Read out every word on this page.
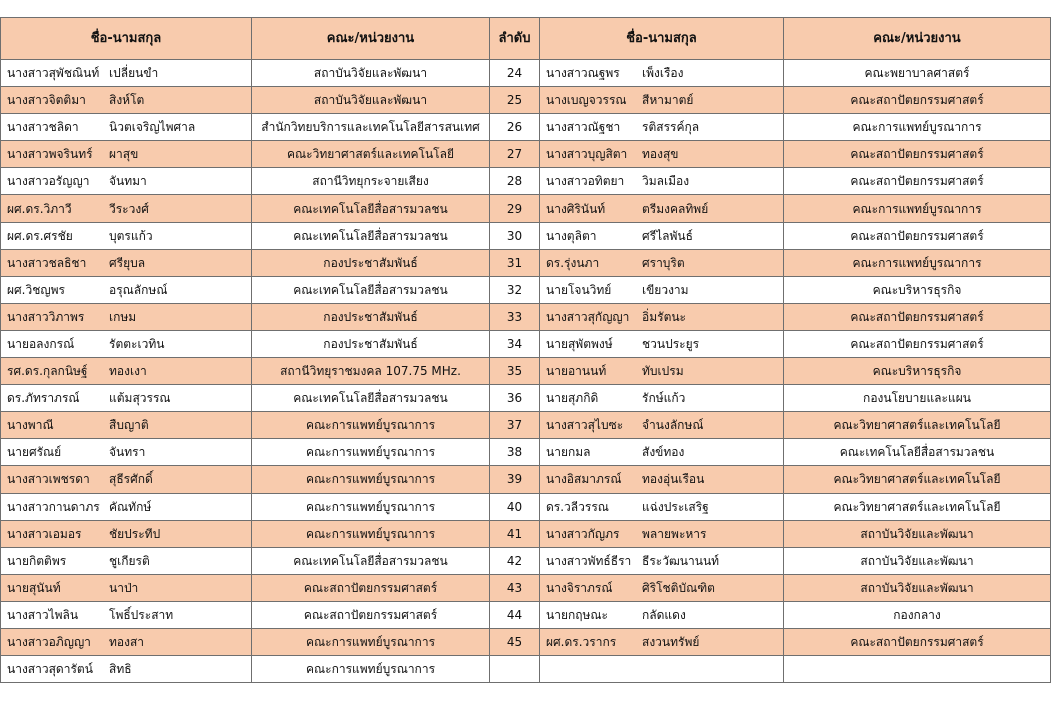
ชื่อ-นามสกุล	คณะ/หน่วยงาน	ลำดับ	ชื่อ-นามสกุล	คณะ/หน่วยงาน
นางสาวสุพัชณินท์ เปลี่ยนขำ	สถาบันวิจัยและพัฒนา	24	นางสาวณฐพร เพ็งเรือง	คณะพยาบาลศาสตร์
นางสาวจิตติมา สิงห์โต	สถาบันวิจัยและพัฒนา	25	นางเบญจวรรณ สีหามาตย์	คณะสถาปัตยกรรมศาสตร์
นางสาวชลิดา นิวตเจริญไพศาล	สำนักวิทยบริการและเทคโนโลยีสารสนเทศ	26	นางสาวณัฐชา รติสรรค์กุล	คณะการแพทย์บูรณาการ
นางสาวพจรินทร์ ผาสุข	คณะวิทยาศาสตร์และเทคโนโลยี	27	นางสาวบุญสิตา ทองสุข	คณะสถาปัตยกรรมศาสตร์
นางสาวอรัญญา จันทมา	สถานีวิทยุกระจายเสียง	28	นางสาวอทิตยา วิมลเมือง	คณะสถาปัตยกรรมศาสตร์
ผศ.ดร.วิภาวี วีระวงศ์	คณะเทคโนโลยีสื่อสารมวลชน	29	นางศิรินันท์ ตรีมงคลทิพย์	คณะการแพทย์บูรณาการ
ผศ.ดร.ศรชัย บุตรแก้ว	คณะเทคโนโลยีสื่อสารมวลชน	30	นางตุลิตา ศรีไลพันธ์	คณะสถาปัตยกรรมศาสตร์
นางสาวชลธิชา ศรียุบล	กองประชาสัมพันธ์	31	ดร.รุ่งนภา ศราบุริต	คณะการแพทย์บูรณาการ
ผศ.วิชญพร อรุณลักษณ์	คณะเทคโนโลยีสื่อสารมวลชน	32	นายโจนวิทย์ เขียวงาม	คณะบริหารธุรกิจ
นางสาววิภาพร เกษม	กองประชาสัมพันธ์	33	นางสาวสุกัญญา อิ่มรัตนะ	คณะสถาปัตยกรรมศาสตร์
นายอลงกรณ์ รัตตะเวทิน	กองประชาสัมพันธ์	34	นายสุพัตพงษ์ ชวนประยูร	คณะสถาปัตยกรรมศาสตร์
รศ.ดร.กุลกนิษฐ์ ทองเงา	สถานีวิทยุราชมงคล 107.75 MHz.	35	นายอานนท์ ทับเปรม	คณะบริหารธุรกิจ
ดร.ภัทราภรณ์ แต้มสุวรรณ	คณะเทคโนโลยีสื่อสารมวลชน	36	นายสุภกิดิ รักษ์แก้ว	กองนโยบายและแผน
นางพาณี สืบญาติ	คณะการแพทย์บูรณาการ	37	นางสาวสุไบซะ จำนงลักษณ์	คณะวิทยาศาสตร์และเทคโนโลยี
นายศรัณย์ จันทรา	คณะการแพทย์บูรณาการ	38	นายกมล สังข์ทอง	คณะเทคโนโลยีสื่อสารมวลชน
นางสาวเพชรดา สุธีรศักดิ์	คณะการแพทย์บูรณาการ	39	นางอิสมาภรณ์ ทองอุ่นเรือน	คณะวิทยาศาสตร์และเทคโนโลยี
นางสาวกานดาภร คัณทักษ์	คณะการแพทย์บูรณาการ	40	ดร.วลีวรรณ แฉ่งประเสริฐ	คณะวิทยาศาสตร์และเทคโนโลยี
นางสาวเอมอร ชัยประทีป	คณะการแพทย์บูรณาการ	41	นางสาวกัญภร พลายพะหาร	สถาบันวิจัยและพัฒนา
นายกิตติพร ชูเกียรติ	คณะเทคโนโลยีสื่อสารมวลชน	42	นางสาวพัทธ์ธีรา ธีระวัฒนานนท์	สถาบันวิจัยและพัฒนา
นายสุนันท์ นาป่า	คณะสถาปัตยกรรมศาสตร์	43	นางจิราภรณ์ ศิริโชติบัณฑิต	สถาบันวิจัยและพัฒนา
นางสาวไพลิน โพธิ์ประสาท	คณะสถาปัตยกรรมศาสตร์	44	นายกฤษณะ กลัดแดง	กองกลาง
นางสาวอภิญญา ทองสา	คณะการแพทย์บูรณาการ	45	ผศ.ดร.วรากร สงวนทรัพย์	คณะสถาปัตยกรรมศาสตร์
นางสาวสุดารัตน์ สิทธิ	คณะการแพทย์บูรณาการ			
